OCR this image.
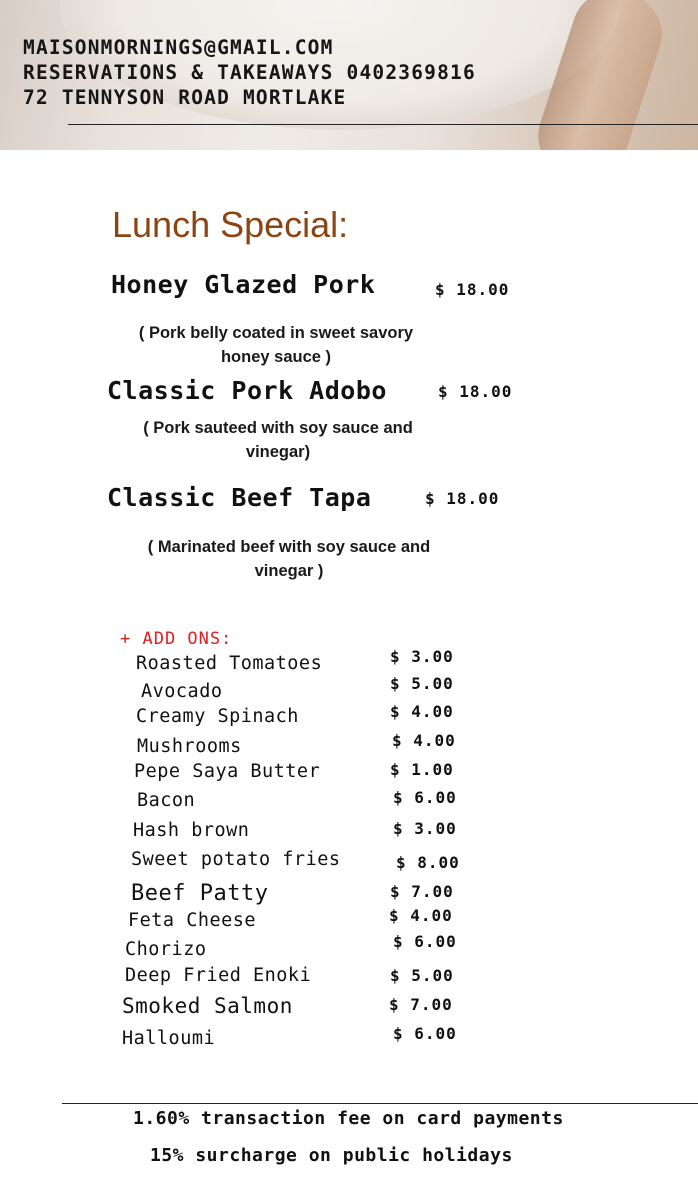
MAISONMORNINGS@GMAIL.COM
RESERVATIONS & TAKEAWAYS 0402369816
72 TENNYSON ROAD MORTLAKE
Lunch Special:
Honey Glazed Pork	$ 18.00
( Pork belly coated in sweet savory honey sauce )
Classic Pork Adobo	$ 18.00
( Pork sauteed with soy sauce and vinegar)
Classic Beef Tapa	$ 18.00
( Marinated beef with soy sauce and vinegar )
+ ADD ONS:
Roasted Tomatoes	$ 3.00
Avocado	$ 5.00
Creamy Spinach	$ 4.00
Mushrooms	$ 4.00
Pepe Saya Butter	$ 1.00
Bacon	$ 6.00
Hash brown	$ 3.00
Sweet potato fries	$ 8.00
Beef Patty	$ 7.00
Feta Cheese	$ 4.00
Chorizo	$ 6.00
Deep Fried Enoki	$ 5.00
Smoked Salmon	$ 7.00
Halloumi	$ 6.00
1.60% transaction fee on card payments
15% surcharge on public holidays
